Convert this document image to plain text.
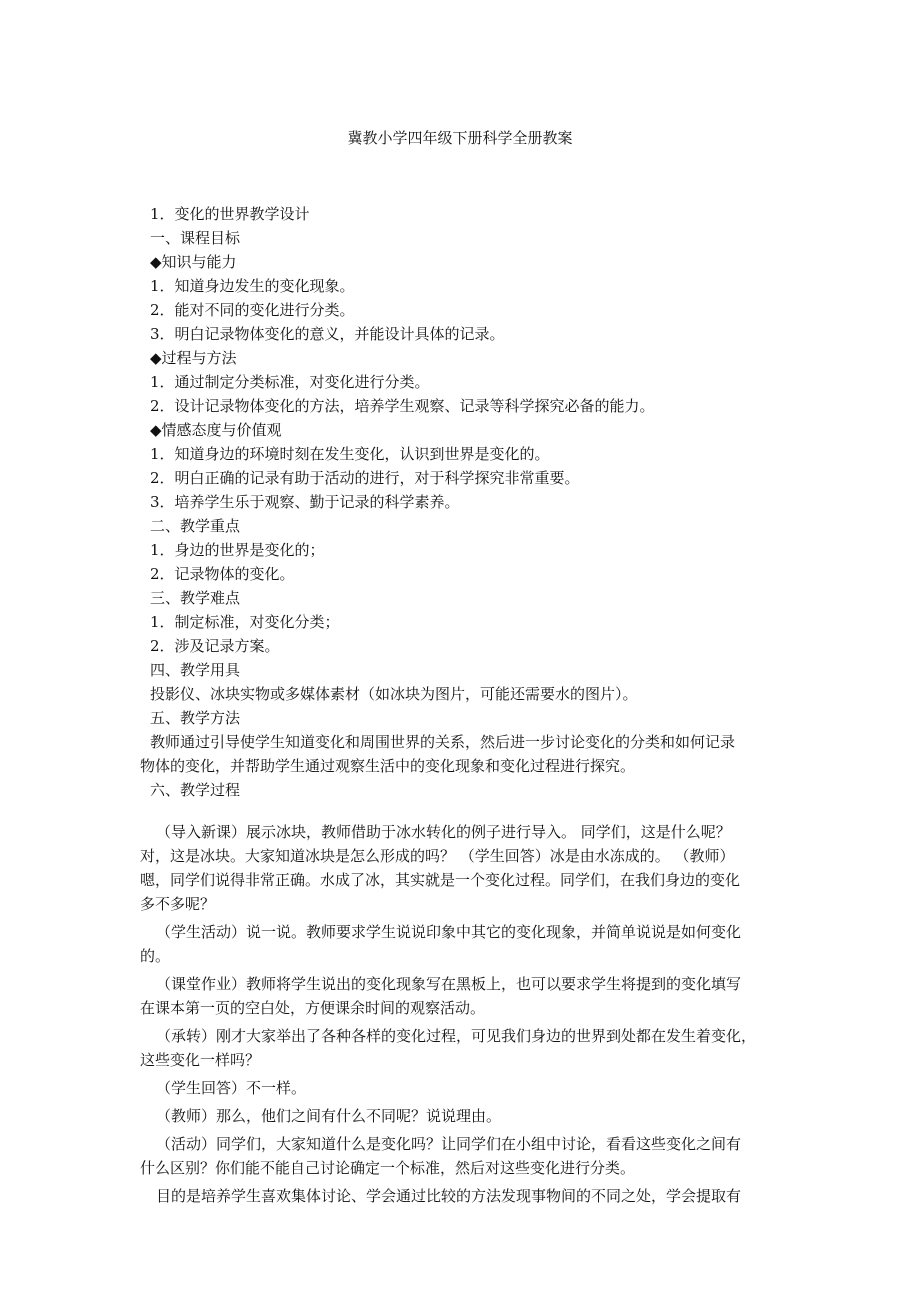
冀教小学四年级下册科学全册教案

1．变化的世界教学设计

一、课程目标

◆知识与能力

1．知道身边发生的变化现象。

2．能对不同的变化进行分类。

3．明白记录物体变化的意义，并能设计具体的记录。

◆过程与方法

1．通过制定分类标准，对变化进行分类。

2．设计记录物体变化的方法，培养学生观察、记录等科学探究必备的能力。

◆情感态度与价值观

1．知道身边的环境时刻在发生变化，认识到世界是变化的。

2．明白正确的记录有助于活动的进行，对于科学探究非常重要。

3．培养学生乐于观察、勤于记录的科学素养。

二、教学重点

1．身边的世界是变化的；

2．记录物体的变化。

三、教学难点

1．制定标准，对变化分类；

2．涉及记录方案。

四、教学用具

投影仪、冰块实物或多媒体素材（如冰块为图片，可能还需要水的图片）。

五、教学方法

教师通过引导使学生知道变化和周围世界的关系，然后进一步讨论变化的分类和如何记录

物体的变化，并帮助学生通过观察生活中的变化现象和变化过程进行探究。

六、教学过程

（导入新课）展示冰块，教师借助于冰水转化的例子进行导入。 同学们，这是什么呢？

对，这是冰块。大家知道冰块是怎么形成的吗？ （学生回答）冰是由水冻成的。 （教师）

嗯，同学们说得非常正确。水成了冰，其实就是一个变化过程。同学们，在我们身边的变化

多不多呢？

（学生活动）说一说。教师要求学生说说印象中其它的变化现象，并简单说说是如何变化

的。

（课堂作业）教师将学生说出的变化现象写在黑板上，也可以要求学生将提到的变化填写

在课本第一页的空白处，方便课余时间的观察活动。

（承转）刚才大家举出了各种各样的变化过程，可见我们身边的世界到处都在发生着变化，

这些变化一样吗？

（学生回答）不一样。

（教师）那么，他们之间有什么不同呢？说说理由。

（活动）同学们，大家知道什么是变化吗？让同学们在小组中讨论，看看这些变化之间有

什么区别？你们能不能自己讨论确定一个标准，然后对这些变化进行分类。

目的是培养学生喜欢集体讨论、学会通过比较的方法发现事物间的不同之处，学会提取有
